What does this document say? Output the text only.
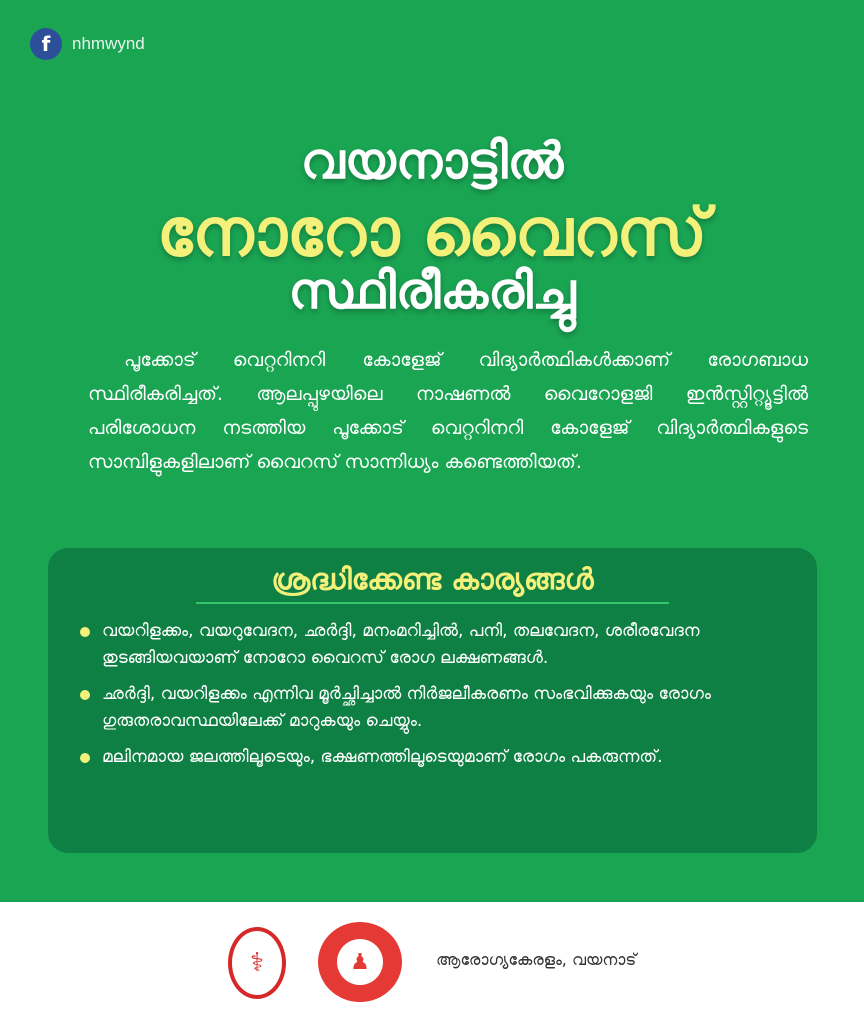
f	nhmwynd
വയനാട്ടിൽ
നോറോ വൈറസ്
സ്ഥിരീകരിച്ചു

പൂക്കോട് വെറ്ററിനറി കോളേജ് വിദ്യാർത്ഥികൾക്കാണ് രോഗബാധ സ്ഥിരീകരിച്ചത്. ആലപ്പുഴയിലെ നാഷണൽ വൈറോളജി ഇൻസ്റ്റിറ്റ്യൂട്ടിൽ പരിശോധന നടത്തിയ പൂക്കോട് വെറ്ററിനറി കോളേജ് വിദ്യാർത്ഥികളുടെ സാമ്പിളുകളിലാണ് വൈറസ് സാന്നിധ്യം കണ്ടെത്തിയത്.

ശ്രദ്ധിക്കേണ്ട കാര്യങ്ങൾ
വയറിളക്കം, വയറുവേദന, ഛർദ്ദി, മനംമറിച്ചിൽ, പനി, തലവേദന, ശരീരവേദന തുടങ്ങിയവയാണ് നോറോ വൈറസ് രോഗ ലക്ഷണങ്ങൾ.
ഛർദ്ദി, വയറിളക്കം എന്നിവ മൂർച്ഛിച്ചാൽ നിർജലീകരണം സംഭവിക്കുകയും രോഗം ഗുരുതരാവസ്ഥയിലേക്ക് മാറുകയും ചെയ്യും.
മലിനമായ ജലത്തിലൂടെയും, ഭക്ഷണത്തിലൂടെയുമാണ് രോഗം പകരുന്നത്.
⚕	♟	ആരോഗ്യകേരളം, വയനാട്
